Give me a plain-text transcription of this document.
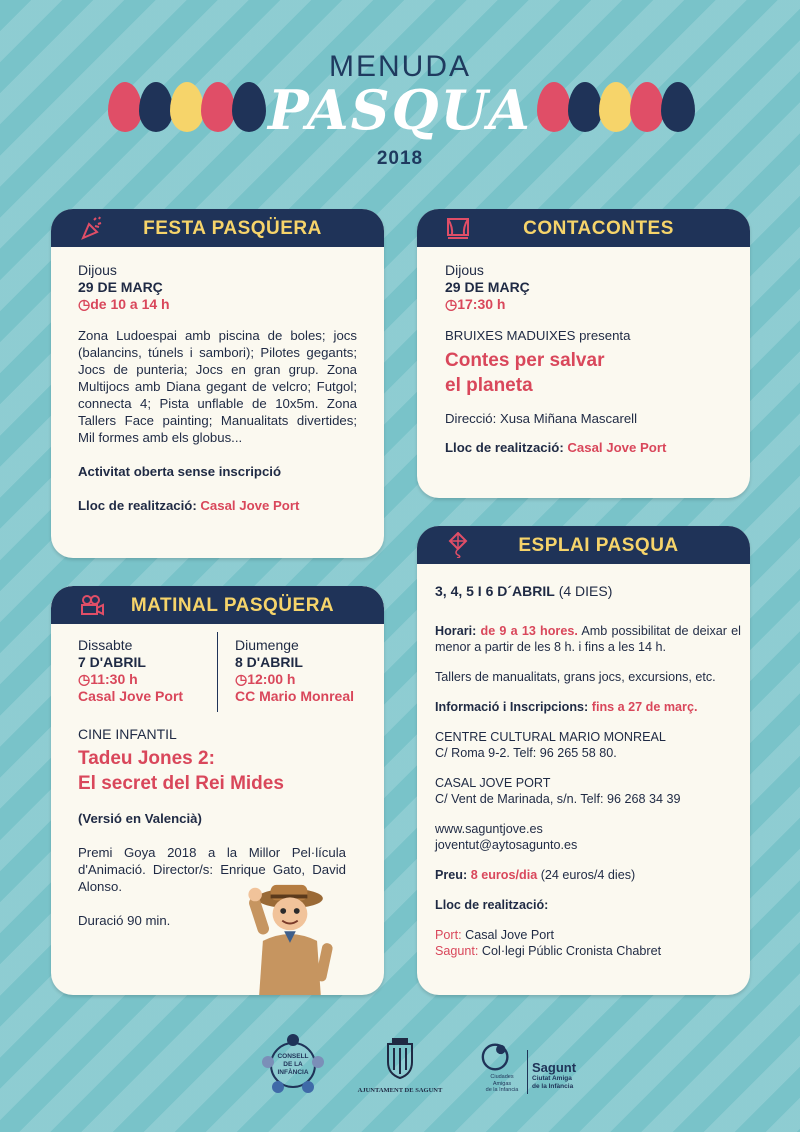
MENUDA
PASQUA
2018
FESTA PASQÜERA
Dijous
29 DE MARÇ
◷de 10 a 14 h
Zona Ludoespai amb piscina de boles; jocs (balancins, túnels i sambori); Pilotes gegants; Jocs de punteria; Jocs en gran grup. Zona Multijocs amb Diana gegant de velcro; Futgol; connecta 4; Pista unflable de 10x5m. Zona Tallers Face painting; Manualitats divertides; Mil formes amb els globus...
Activitat oberta sense inscripció
Lloc de realització: Casal Jove Port
CONTACONTES
Dijous
29 DE MARÇ
◷17:30 h
BRUIXES MADUIXES presenta
Contes per salvar
el planeta
Direcció: Xusa Miñana Mascarell
Lloc de realització: Casal Jove Port
MATINAL PASQÜERA
Dissabte
7 D'ABRIL
◷11:30 h
Casal Jove Port
Diumenge
8 D'ABRIL
◷12:00 h
CC Mario Monreal
CINE INFANTIL
Tadeu Jones 2:
El secret del Rei Mides
(Versió en Valencià)
Premi Goya 2018 a la Millor Pel·lícula d'Animació. Director/s: Enrique Gato, David Alonso.
Duració 90 min.
ESPLAI PASQUA
3, 4, 5 I 6 D´ABRIL (4 DIES)
Horari: de 9 a 13 hores. Amb possibilitat de deixar el menor a partir de les 8 h. i fins a les 14 h.
Tallers de manualitats, grans jocs, excursions, etc.
Informació i Inscripcions: fins a 27 de març.
CENTRE CULTURAL MARIO MONREAL
C/ Roma 9-2. Telf: 96 265 58 80.
CASAL JOVE PORT
C/ Vent de Marinada, s/n. Telf: 96 268 34 39
www.saguntjove.es
joventut@aytosagunto.es
Preu: 8 euros/dia (24 euros/4 dies)
Lloc de realització:
Port: Casal Jove Port
Sagunt: Col·legi Públic Cronista Chabret
CONSELL
DE LA
INFÀNCIA
AJUNTAMENT DE SAGUNT
Ciudades
Amigas
de la Infancia
Sagunt
Ciutat Amiga
de la Infància
